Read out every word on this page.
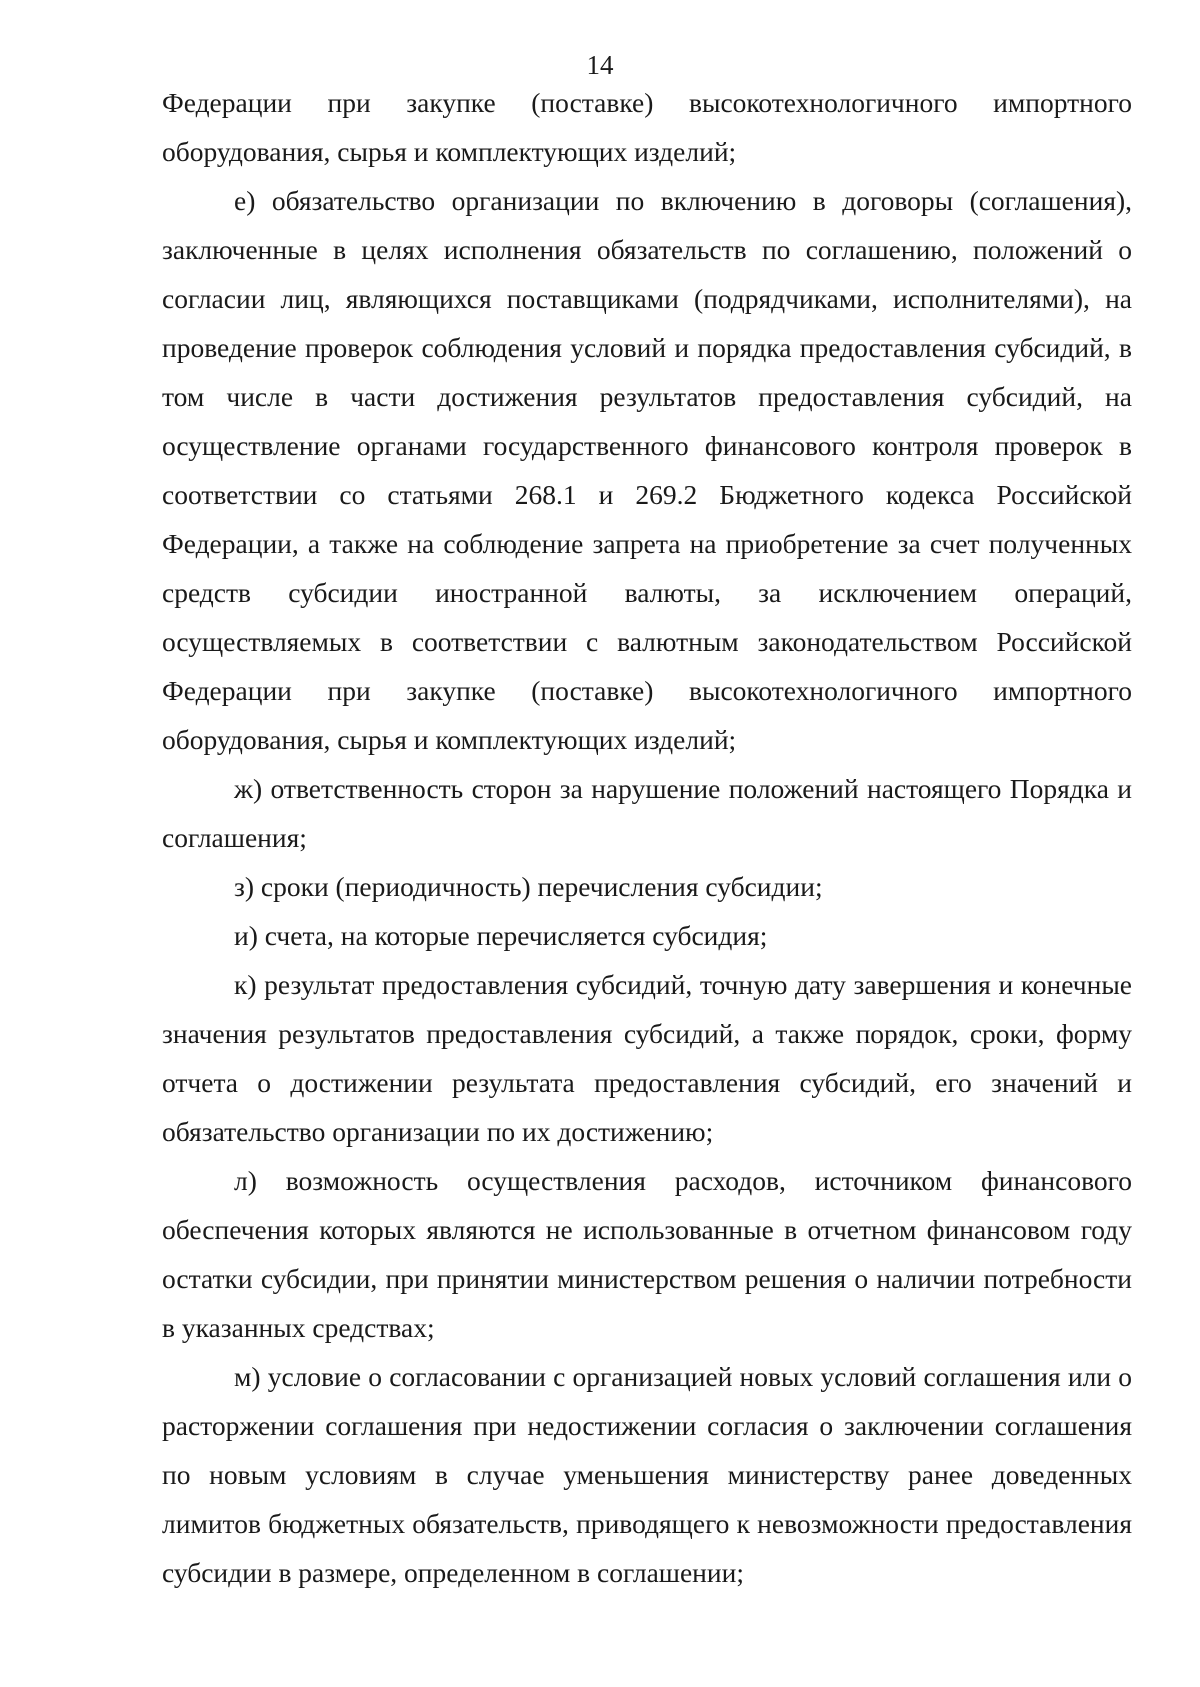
14

Федерации при закупке (поставке) высокотехнологичного импортного оборудования, сырья и комплектующих изделий;

е) обязательство организации по включению в договоры (соглашения), заключенные в целях исполнения обязательств по соглашению, положений о согласии лиц, являющихся поставщиками (подрядчиками, исполнителями), на проведение проверок соблюдения условий и порядка предоставления субсидий, в том числе в части достижения результатов предоставления субсидий, на осуществление органами государственного финансового контроля проверок в соответствии со статьями 268.1 и 269.2 Бюджетного кодекса Российской Федерации, а также на соблюдение запрета на приобретение за счет полученных средств субсидии иностранной валюты, за исключением операций, осуществляемых в соответствии с валютным законодательством Российской Федерации при закупке (поставке) высокотехнологичного импортного оборудования, сырья и комплектующих изделий;

ж) ответственность сторон за нарушение положений настоящего Порядка и соглашения;

з) сроки (периодичность) перечисления субсидии;

и) счета, на которые перечисляется субсидия;

к) результат предоставления субсидий, точную дату завершения и конечные значения результатов предоставления субсидий, а также порядок, сроки, форму отчета о достижении результата предоставления субсидий, его значений и обязательство организации по их достижению;

л) возможность осуществления расходов, источником финансового обеспечения которых являются не использованные в отчетном финансовом году остатки субсидии, при принятии министерством решения о наличии потребности в указанных средствах;

м) условие о согласовании с организацией новых условий соглашения или о расторжении соглашения при недостижении согласия о заключении соглашения по новым условиям в случае уменьшения министерству ранее доведенных лимитов бюджетных обязательств, приводящего к невозможности предоставления субсидии в размере, определенном в соглашении;
